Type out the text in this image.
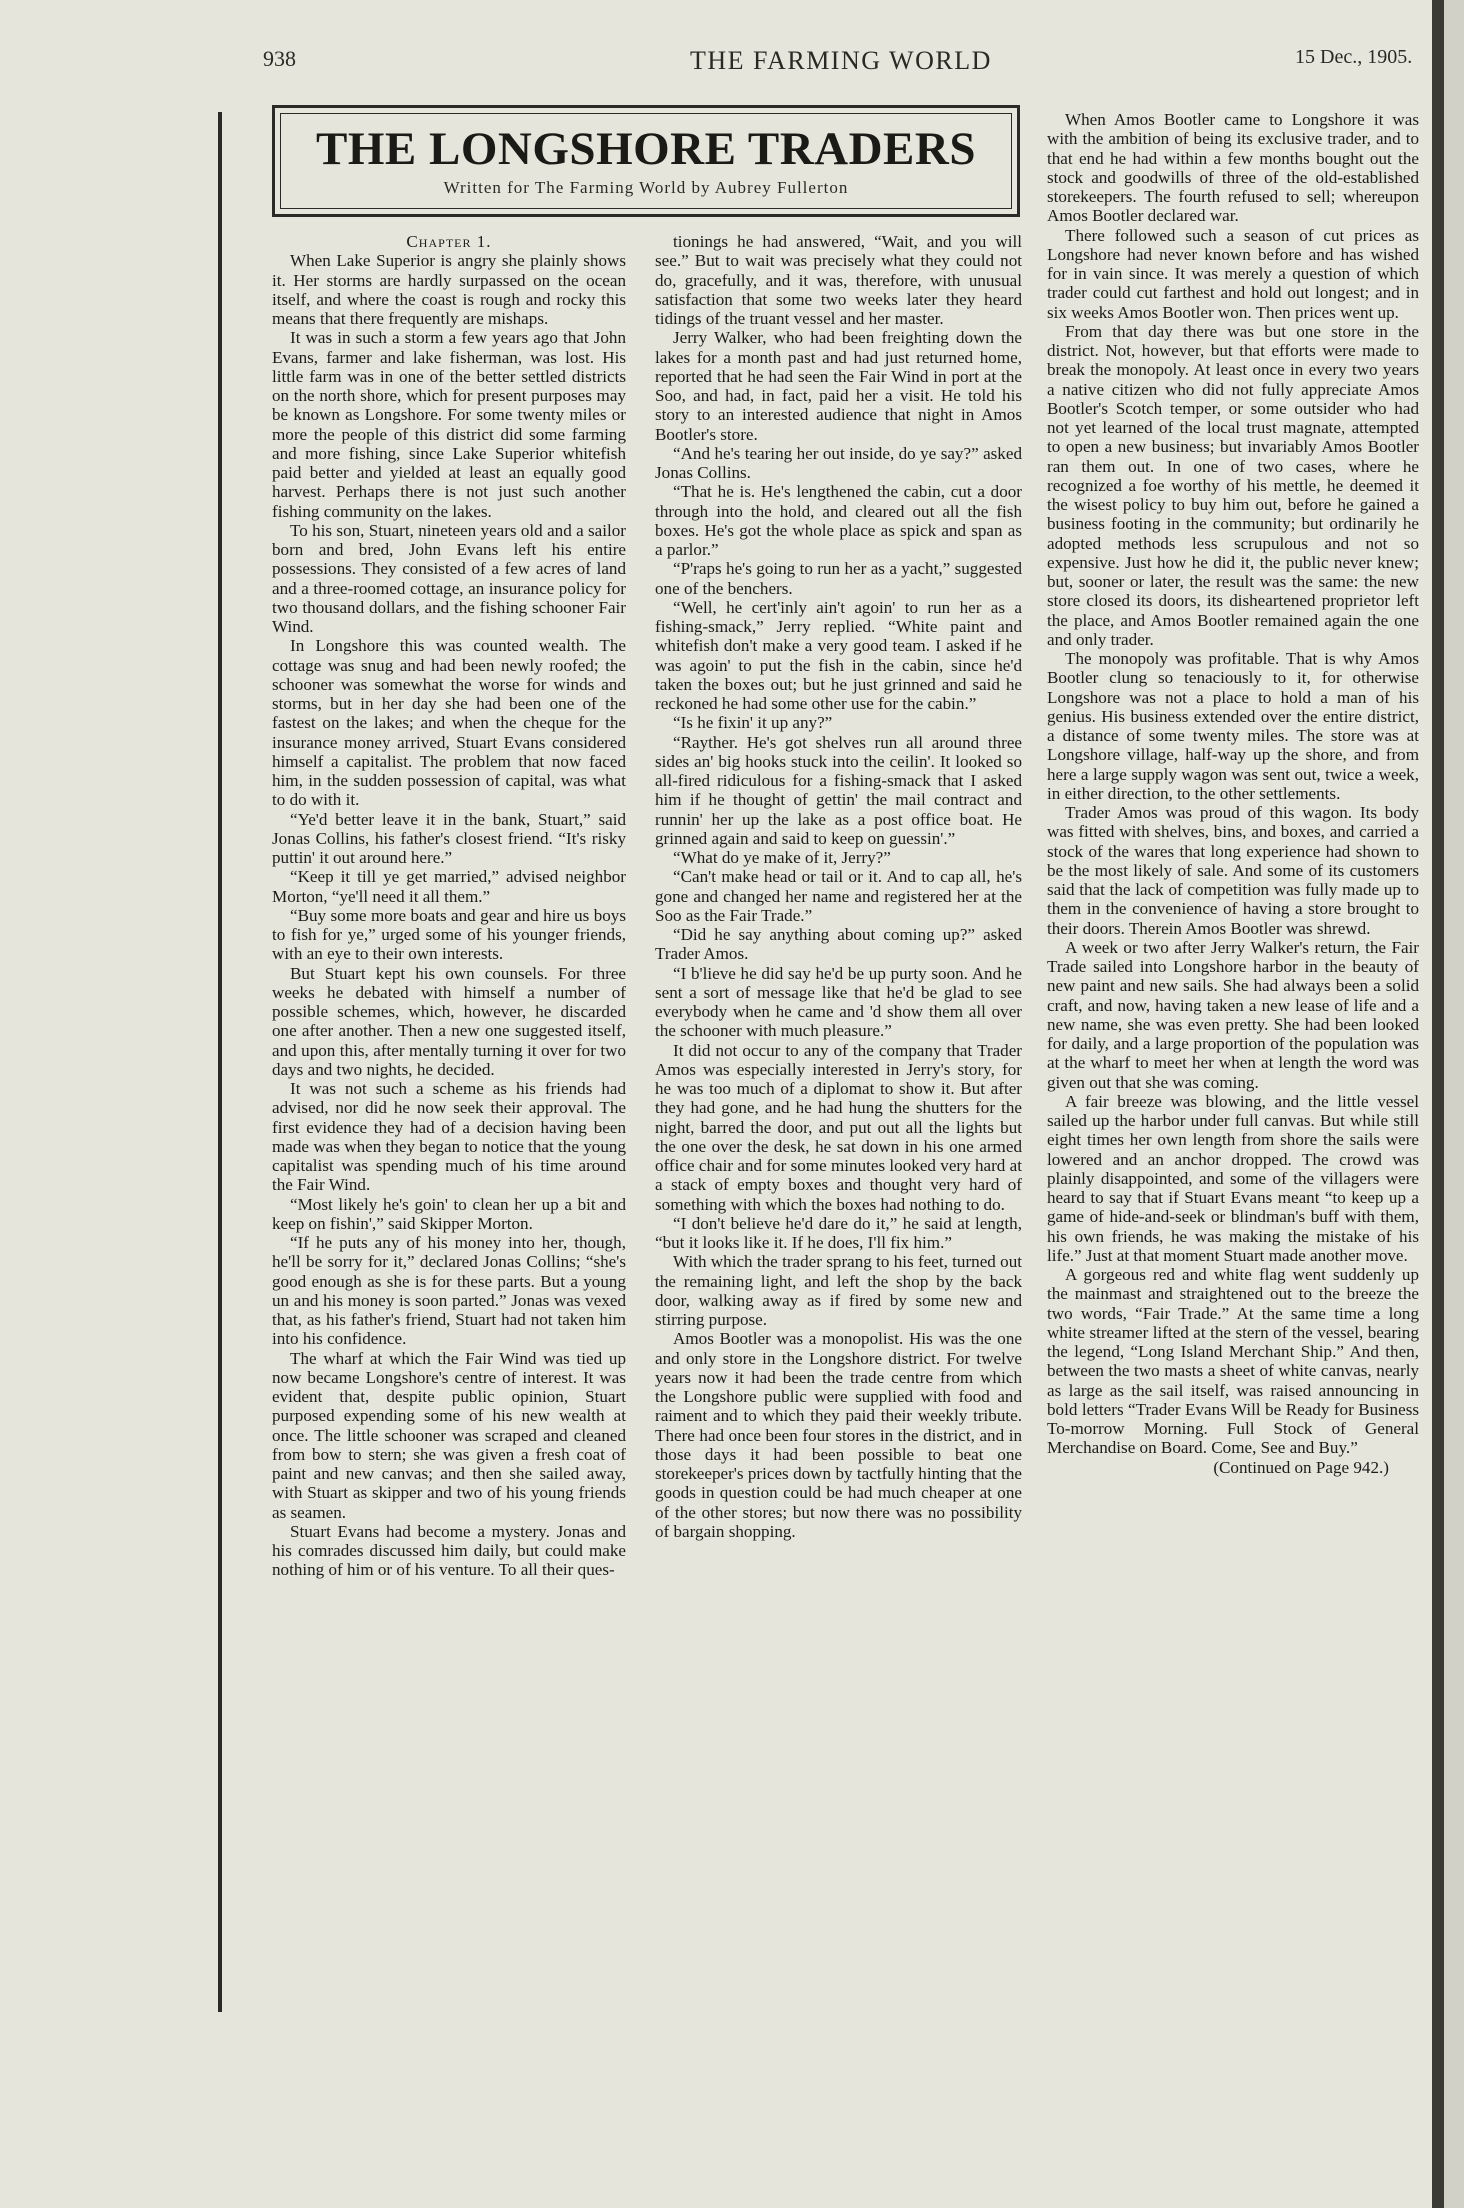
938	THE FARMING WORLD	15 Dec., 1905.
THE LONGSHORE TRADERS
Written for The Farming World by Aubrey Fullerton

Chapter 1.

When Lake Superior is angry she plainly shows it. Her storms are hardly surpassed on the ocean itself, and where the coast is rough and rocky this means that there frequently are mishaps.

It was in such a storm a few years ago that John Evans, farmer and lake fisherman, was lost. His little farm was in one of the better settled districts on the north shore, which for present purposes may be known as Longshore. For some twenty miles or more the people of this district did some farming and more fishing, since Lake Superior whitefish paid better and yielded at least an equally good harvest. Perhaps there is not just such another fishing community on the lakes.

To his son, Stuart, nineteen years old and a sailor born and bred, John Evans left his entire possessions. They consisted of a few acres of land and a three-roomed cottage, an insurance policy for two thousand dollars, and the fishing schooner Fair Wind.

In Longshore this was counted wealth. The cottage was snug and had been newly roofed; the schooner was somewhat the worse for winds and storms, but in her day she had been one of the fastest on the lakes; and when the cheque for the insurance money arrived, Stuart Evans considered himself a capitalist. The problem that now faced him, in the sudden possession of capital, was what to do with it.

“Ye'd better leave it in the bank, Stuart,” said Jonas Collins, his father's closest friend. “It's risky puttin' it out around here.”

“Keep it till ye get married,” advised neighbor Morton, “ye'll need it all them.”

“Buy some more boats and gear and hire us boys to fish for ye,” urged some of his younger friends, with an eye to their own interests.

But Stuart kept his own counsels. For three weeks he debated with himself a number of possible schemes, which, however, he discarded one after another. Then a new one suggested itself, and upon this, after mentally turning it over for two days and two nights, he decided.

It was not such a scheme as his friends had advised, nor did he now seek their approval. The first evidence they had of a decision having been made was when they began to notice that the young capitalist was spending much of his time around the Fair Wind.

“Most likely he's goin' to clean her up a bit and keep on fishin',” said Skipper Morton.

“If he puts any of his money into her, though, he'll be sorry for it,” declared Jonas Collins; “she's good enough as she is for these parts. But a young un and his money is soon parted.” Jonas was vexed that, as his father's friend, Stuart had not taken him into his confidence.

The wharf at which the Fair Wind was tied up now became Longshore's centre of interest. It was evident that, despite public opinion, Stuart purposed expending some of his new wealth at once. The little schooner was scraped and cleaned from bow to stern; she was given a fresh coat of paint and new canvas; and then she sailed away, with Stuart as skipper and two of his young friends as seamen.

Stuart Evans had become a mystery. Jonas and his comrades discussed him daily, but could make nothing of him or of his venture. To all their ques-

tionings he had answered, “Wait, and you will see.” But to wait was precisely what they could not do, gracefully, and it was, therefore, with unusual satisfaction that some two weeks later they heard tidings of the truant vessel and her master.

Jerry Walker, who had been freighting down the lakes for a month past and had just returned home, reported that he had seen the Fair Wind in port at the Soo, and had, in fact, paid her a visit. He told his story to an interested audience that night in Amos Bootler's store.

“And he's tearing her out inside, do ye say?” asked Jonas Collins.

“That he is. He's lengthened the cabin, cut a door through into the hold, and cleared out all the fish boxes. He's got the whole place as spick and span as a parlor.”

“P'raps he's going to run her as a yacht,” suggested one of the benchers.

“Well, he cert'inly ain't agoin' to run her as a fishing-smack,” Jerry replied. “White paint and whitefish don't make a very good team. I asked if he was agoin' to put the fish in the cabin, since he'd taken the boxes out; but he just grinned and said he reckoned he had some other use for the cabin.”

“Is he fixin' it up any?”

“Rayther. He's got shelves run all around three sides an' big hooks stuck into the ceilin'. It looked so all-fired ridiculous for a fishing-smack that I asked him if he thought of gettin' the mail contract and runnin' her up the lake as a post office boat. He grinned again and said to keep on guessin'.”

“What do ye make of it, Jerry?”

“Can't make head or tail or it. And to cap all, he's gone and changed her name and registered her at the Soo as the Fair Trade.”

“Did he say anything about coming up?” asked Trader Amos.

“I b'lieve he did say he'd be up purty soon. And he sent a sort of message like that he'd be glad to see everybody when he came and 'd show them all over the schooner with much pleasure.”

It did not occur to any of the company that Trader Amos was especially interested in Jerry's story, for he was too much of a diplomat to show it. But after they had gone, and he had hung the shutters for the night, barred the door, and put out all the lights but the one over the desk, he sat down in his one armed office chair and for some minutes looked very hard at a stack of empty boxes and thought very hard of something with which the boxes had nothing to do.

“I don't believe he'd dare do it,” he said at length, “but it looks like it. If he does, I'll fix him.”

With which the trader sprang to his feet, turned out the remaining light, and left the shop by the back door, walking away as if fired by some new and stirring purpose.

Amos Bootler was a monopolist. His was the one and only store in the Longshore district. For twelve years now it had been the trade centre from which the Longshore public were supplied with food and raiment and to which they paid their weekly tribute. There had once been four stores in the district, and in those days it had been possible to beat one storekeeper's prices down by tactfully hinting that the goods in question could be had much cheaper at one of the other stores; but now there was no possibility of bargain shopping.

When Amos Bootler came to Longshore it was with the ambition of being its exclusive trader, and to that end he had within a few months bought out the stock and goodwills of three of the old-established storekeepers. The fourth refused to sell; whereupon Amos Bootler declared war.

There followed such a season of cut prices as Longshore had never known before and has wished for in vain since. It was merely a question of which trader could cut farthest and hold out longest; and in six weeks Amos Bootler won. Then prices went up.

From that day there was but one store in the district. Not, however, but that efforts were made to break the monopoly. At least once in every two years a native citizen who did not fully appreciate Amos Bootler's Scotch temper, or some outsider who had not yet learned of the local trust magnate, attempted to open a new business; but invariably Amos Bootler ran them out. In one of two cases, where he recognized a foe worthy of his mettle, he deemed it the wisest policy to buy him out, before he gained a business footing in the community; but ordinarily he adopted methods less scrupulous and not so expensive. Just how he did it, the public never knew; but, sooner or later, the result was the same: the new store closed its doors, its disheartened proprietor left the place, and Amos Bootler remained again the one and only trader.

The monopoly was profitable. That is why Amos Bootler clung so tenaciously to it, for otherwise Longshore was not a place to hold a man of his genius. His business extended over the entire district, a distance of some twenty miles. The store was at Longshore village, half-way up the shore, and from here a large supply wagon was sent out, twice a week, in either direction, to the other settlements.

Trader Amos was proud of this wagon. Its body was fitted with shelves, bins, and boxes, and carried a stock of the wares that long experience had shown to be the most likely of sale. And some of its customers said that the lack of competition was fully made up to them in the convenience of having a store brought to their doors. Therein Amos Bootler was shrewd.

A week or two after Jerry Walker's return, the Fair Trade sailed into Longshore harbor in the beauty of new paint and new sails. She had always been a solid craft, and now, having taken a new lease of life and a new name, she was even pretty. She had been looked for daily, and a large proportion of the population was at the wharf to meet her when at length the word was given out that she was coming.

A fair breeze was blowing, and the little vessel sailed up the harbor under full canvas. But while still eight times her own length from shore the sails were lowered and an anchor dropped. The crowd was plainly disappointed, and some of the villagers were heard to say that if Stuart Evans meant “to keep up a game of hide-and-seek or blindman's buff with them, his own friends, he was making the mistake of his life.” Just at that moment Stuart made another move.

A gorgeous red and white flag went suddenly up the mainmast and straightened out to the breeze the two words, “Fair Trade.” At the same time a long white streamer lifted at the stern of the vessel, bearing the legend, “Long Island Merchant Ship.” And then, between the two masts a sheet of white canvas, nearly as large as the sail itself, was raised announcing in bold letters “Trader Evans Will be Ready for Business To-morrow Morning. Full Stock of General Merchandise on Board. Come, See and Buy.”

(Continued on Page 942.)
